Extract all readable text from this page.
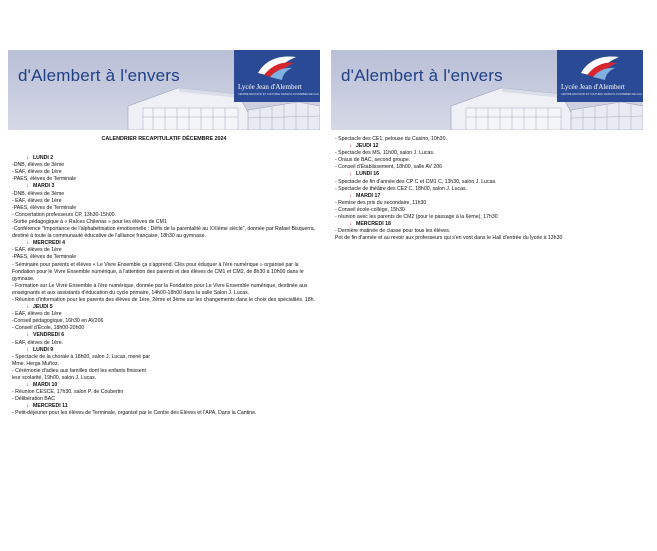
d'Alembert à l'envers
Lycée Jean d'Alembert
CENTRE EDUCATIF ET CULTUREL FRANCO-COLOMBIEN DE CALI
CALENDRIER RECAPITULATIF DÉCEMBRE 2024
↓ LUNDI 2
-DNB, élèves de 3ème
- EAF, élèves de 1ère
-PAES, élèves de Terminale
↓ MARDI 3
-DNB, élèves de 3ème
- EAF, élèves de 1ère
-PAES, élèves de Terminale
- Concertation professeurs CP, 13h30-15h00.
-Sortie pédagogique à « Raíces Chilenas » pour les élèves de CM1
-Conférence "Importance de l'alphabétisation émotionnelle : Défis de la parentalité au XXIème siècle", donnée par Rafael Bisquerra, destiné à toute la communauté éducative de l'alliance française, 18h30 au gymnase.
↓ MERCREDI 4
- EAF, élèves de 1ère
-PAES, élèves de Terminale
- Séminaire pour parents et élèves « Le Vivre Ensemble ça s'apprend. Clés pour éduquer à l'ère numérique » organisé par la Fondation pour le Vivre Ensemble numérique, à l'attention des parents et des élèves de CM1 et CM2, de 8h30 à 10h00 dans le gymnase.
- Formation sur Le Vivre Ensemble à l'ère numérique, donnée par la Fondation pour Le Vivre Ensemble numérique, destinée aux enseignants et aux assistants d'éducation du cycle primaire, 14h00-18h00 dans la salle Salon J. Lucas.
- Réunion d'information pour les parents des élèves de 1ère, 2ème et 3ème sur les changements dans le choix des spécialités. 18h.
↓ JEUDI 5
- EAF, élèves de 1ère
-Conseil pédagogique, 16h30 en AV206
- Conseil d'École, 18h00-20h00
↓ VENDREDI 6
- EAF, élèves de 1ère.
↓ LUNDI 9
- Spectacle de la chorale à 18h00, salon J. Lucas, mené par
Mme. Herga Muñoz.
- Cérémonie d'adieu aux familles dont les enfants finissent
leur scolarité, 19h00, salon J. Lucas.
↓ MARDI 10
- Réunion CESCE, 17h30, salon P. de Coubertin
- Délibération BAC
↓ MERCREDI 11
- Petit-déjeuner pour les élèves de Terminale, organisé par le Centre des Élèves et l'APA, Dans la Cantine.
d'Alembert à l'envers
Lycée Jean d'Alembert
CENTRE EDUCATIF ET CULTUREL FRANCO-COLOMBIEN DE CALI
- Spectacle des CE1, pelouse du Casino, 10h30.
↓ JEUDI 12
- Spectacle des MS, 11h00, salon J. Lucas.
- Oraux de BAC, second groupe.
- Conseil d'Établissement, 18h00, salle AV 206
↓ LUNDI 16
- Spectacle de fin d'année des CP C et CM1 C, 13h30, salon J. Lucas.
- Spectacle de théâtre des CE2 C, 18h00, salon J. Lucas.
↓ MARDI 17
- Remise des prix du secondaire, 11h30
- Conseil école-collège, 15h30
- réunion avec les parents de CM2 (pour le passage à la 6ème), 17h30
↓ MERCREDI 18
- Dernière matinée de classe pour tous les élèves.
Pot de fin d'année et au revoir aux professeurs qui s'en vont dans le Hall d'entrée du lycée à 13h30
